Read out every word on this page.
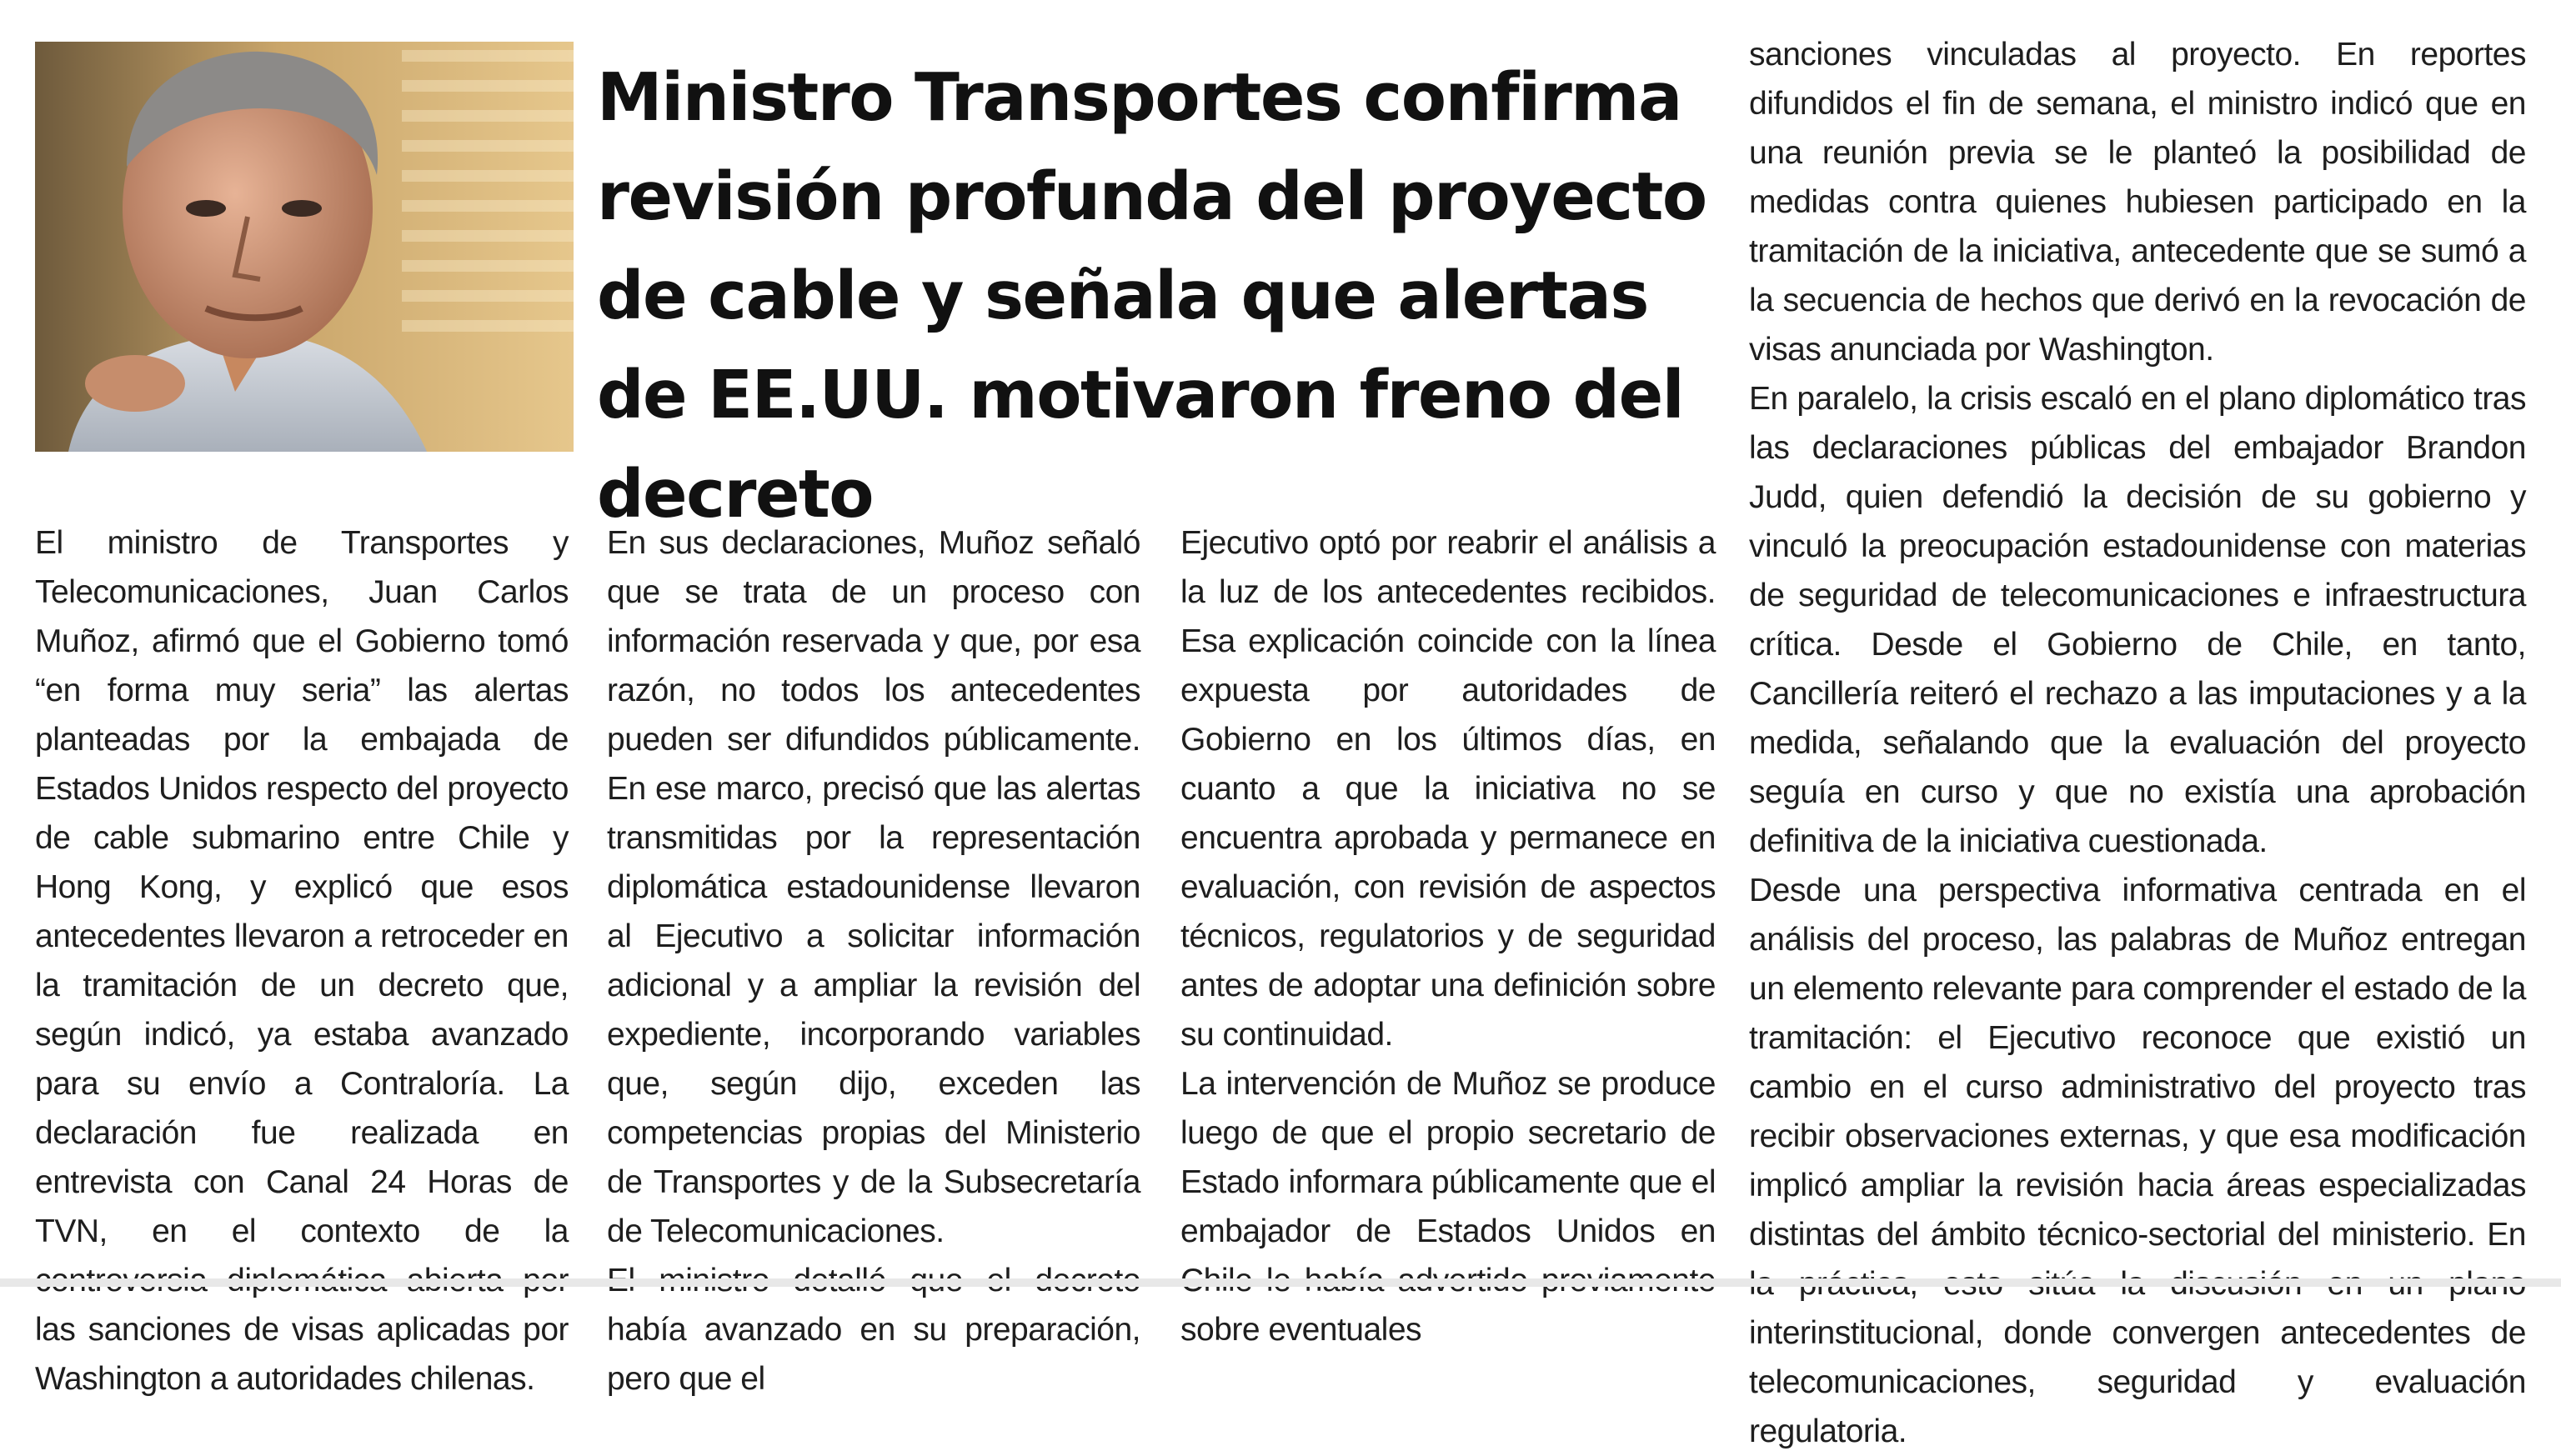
Ministro Transportes confirma revisión profunda del proyecto de cable y señala que alertas de EE.UU. motivaron freno del decreto

El ministro de Transportes y Telecomunicaciones, Juan Carlos Muñoz, afirmó que el Gobierno tomó “en forma muy seria” las alertas planteadas por la embajada de Estados Unidos respecto del proyecto de cable submarino entre Chile y Hong Kong, y explicó que esos antecedentes llevaron a retroceder en la tramitación de un decreto que, según indicó, ya estaba avanzado para su envío a Contraloría. La declaración fue realizada en entrevista con Canal 24 Horas de TVN, en el contexto de la las sanciones de visas aplicadas por Washington a autoridades chilenas.

En sus declaraciones, Muñoz señaló que se trata de un proceso con información reservada y que, por esa razón, no todos los antecedentes pueden ser difundidos públicamente. En ese marco, precisó que las alertas transmitidas por la representación diplomática estadounidense llevaron al Ejecutivo a solicitar información adicional y a ampliar la revisión del expediente, incorporando variables que, según dijo, exceden las competencias propias del Ministerio de Transportes y de la Subsecretaría de Telecomunicaciones.

había avanzado en su preparación, pero que el

Ejecutivo optó por reabrir el análisis a la luz de los antecedentes recibidos. Esa explicación coincide con la línea expuesta por autoridades de Gobierno en los últimos días, en cuanto a que la iniciativa no se encuentra aprobada y permanece en evaluación, con revisión de aspectos técnicos, regulatorios y de seguridad antes de adoptar una definición sobre su continuidad.

La intervención de Muñoz se produce luego de que el propio secretario de Estado informara públicamente que el embajador de Estados Unidos en sobre eventuales

sanciones vinculadas al proyecto. En reportes difundidos el fin de semana, el ministro indicó que en una reunión previa se le planteó la posibilidad de medidas contra quienes hubiesen participado en la tramitación de la iniciativa, antecedente que se sumó a la secuencia de hechos que derivó en la revocación de visas anunciada por Washington.

En paralelo, la crisis escaló en el plano diplomático tras las declaraciones públicas del embajador Brandon Judd, quien defendió la decisión de su gobierno y vinculó la preocupación estadounidense con materias de seguridad de telecomunicaciones e infraestructura crítica. Desde el Gobierno de Chile, en tanto, Cancillería reiteró el rechazo a las imputaciones y a la medida, señalando que la evaluación del proyecto seguía en curso y que no existía una aprobación definitiva de la iniciativa cuestionada.

Desde una perspectiva informativa centrada en el análisis del proceso, las palabras de Muñoz entregan un elemento relevante para comprender el estado de la tramitación: el Ejecutivo reconoce que existió un cambio en el curso administrativo del proyecto tras recibir observaciones externas, y que esa modificación implicó ampliar la revisión hacia áreas especializadas distintas del ámbito técnico-sectorial del ministerio. En interinstitucional, donde convergen antecedentes de telecomunicaciones, seguridad y evaluación regulatoria.
